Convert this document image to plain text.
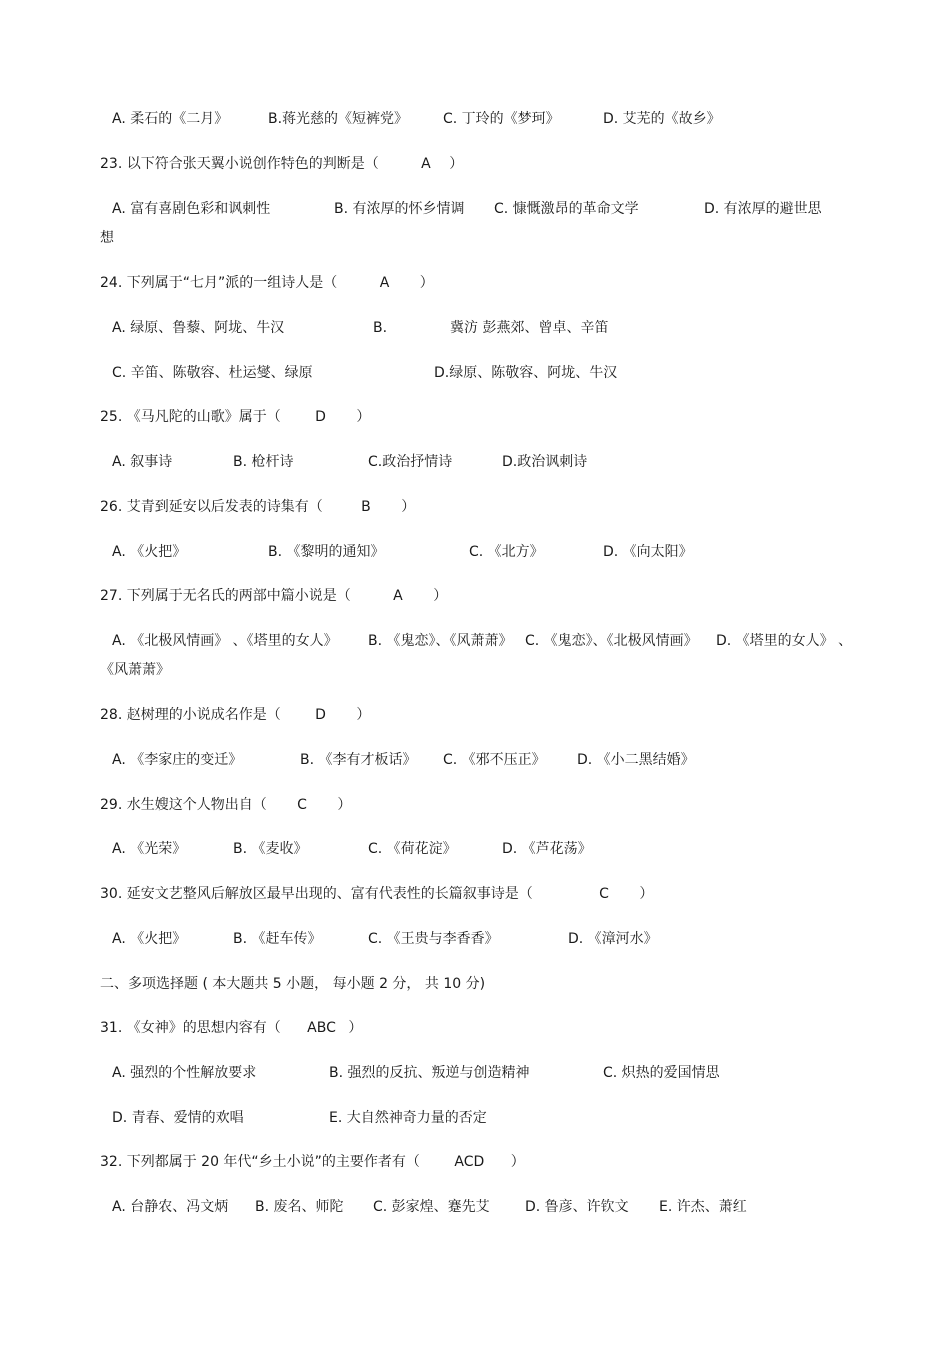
A. 柔石的《二月》	B.蒋光慈的《短裤党》 C. 丁玲的《梦珂》	D. 艾芜的《故乡》
23. 以下符合张天翼小说创作特色的判断是（	A ）
A. 富有喜剧色彩和讽刺性	B. 有浓厚的怀乡情调 C. 慷慨激昂的革命文学	D. 有浓厚的避世思
想
24. 下列属于“七月”派的一组诗人是（	A ）
A. 绿原、鲁藜、阿垅、牛汉	B.	冀汸 彭燕郊、曾卓、辛笛
C. 辛笛、陈敬容、杜运燮、绿原	D.绿原、陈敬容、阿垅、牛汉
25. 《马凡陀的山歌》属于（ D ）
A. 叙事诗	B. 枪杆诗	C.政治抒情诗	D.政治讽刺诗
26. 艾青到延安以后发表的诗集有（	B ）
A. 《火把》	B. 《黎明的通知》	C. 《北方》	D. 《向太阳》
27. 下列属于无名氏的两部中篇小说是（	A ）
A. 《北极风情画》 、《塔里的女人》 B. 《鬼恋》、《风萧萧》 C. 《鬼恋》、《北极风情画》 D. 《塔里的女人》 、
《风萧萧》
28. 赵树理的小说成名作是（ D ）
A. 《李家庄的变迁》	B. 《李有才板话》 C. 《邪不压正》 D. 《小二黑结婚》
29. 水生嫂这个人物出自（ C ）
A. 《光荣》	B. 《麦收》	C. 《荷花淀》	D. 《芦花荡》
30. 延安文艺整风后解放区最早出现的、富有代表性的长篇叙事诗是（	C ）
A. 《火把》	B. 《赶车传》	C. 《王贵与李香香》	D. 《漳河水》
二、多项选择题 ( 本大题共 5 小题， 每小题 2 分， 共 10 分)
31. 《女神》的思想内容有（ ABC ）
A. 强烈的个性解放要求	B. 强烈的反抗、叛逆与创造精神	C. 炽热的爱国情思
D. 青春、爱情的欢唱	E. 大自然神奇力量的否定
32. 下列都属于 20 年代“乡土小说”的主要作者有（ ACD ）
A. 台静农、冯文炳 B. 废名、师陀 C. 彭家煌、蹇先艾	D. 鲁彦、许钦文 E. 许杰、萧红
